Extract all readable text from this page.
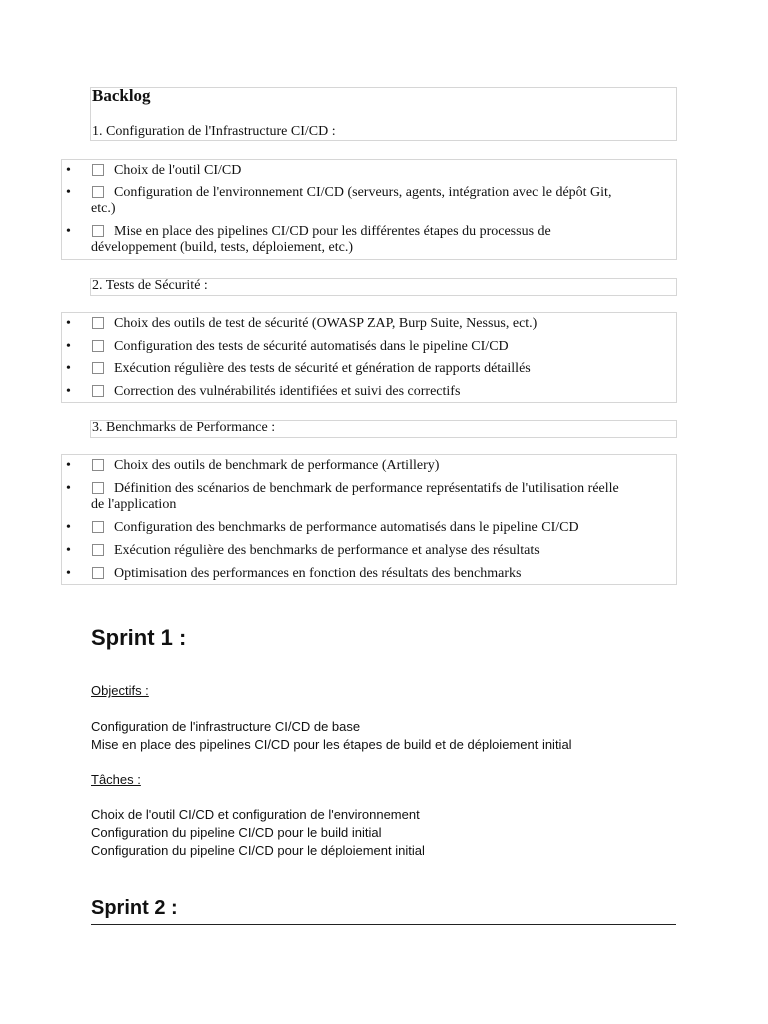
Backlog
1. Configuration de l'Infrastructure CI/CD :
•	Choix de l'outil CI/CD
•	Configuration de l'environnement CI/CD (serveurs, agents, intégration avec le dépôt Git,
etc.)
•	Mise en place des pipelines CI/CD pour les différentes étapes du processus de
développement (build, tests, déploiement, etc.)
2. Tests de Sécurité :
•	Choix des outils de test de sécurité (OWASP ZAP, Burp Suite, Nessus, ect.)
•	Configuration des tests de sécurité automatisés dans le pipeline CI/CD
•	Exécution régulière des tests de sécurité et génération de rapports détaillés
•	Correction des vulnérabilités identifiées et suivi des correctifs
3. Benchmarks de Performance :
•	Choix des outils de benchmark de performance (Artillery)
•	Définition des scénarios de benchmark de performance représentatifs de l'utilisation réelle
de l'application
•	Configuration des benchmarks de performance automatisés dans le pipeline CI/CD
•	Exécution régulière des benchmarks de performance et analyse des résultats
•	Optimisation des performances en fonction des résultats des benchmarks
Sprint 1 :
Objectifs :
Configuration de l'infrastructure CI/CD de base
Mise en place des pipelines CI/CD pour les étapes de build et de déploiement initial
Tâches :
Choix de l'outil CI/CD et configuration de l'environnement
Configuration du pipeline CI/CD pour le build initial
Configuration du pipeline CI/CD pour le déploiement initial
Sprint 2 :
